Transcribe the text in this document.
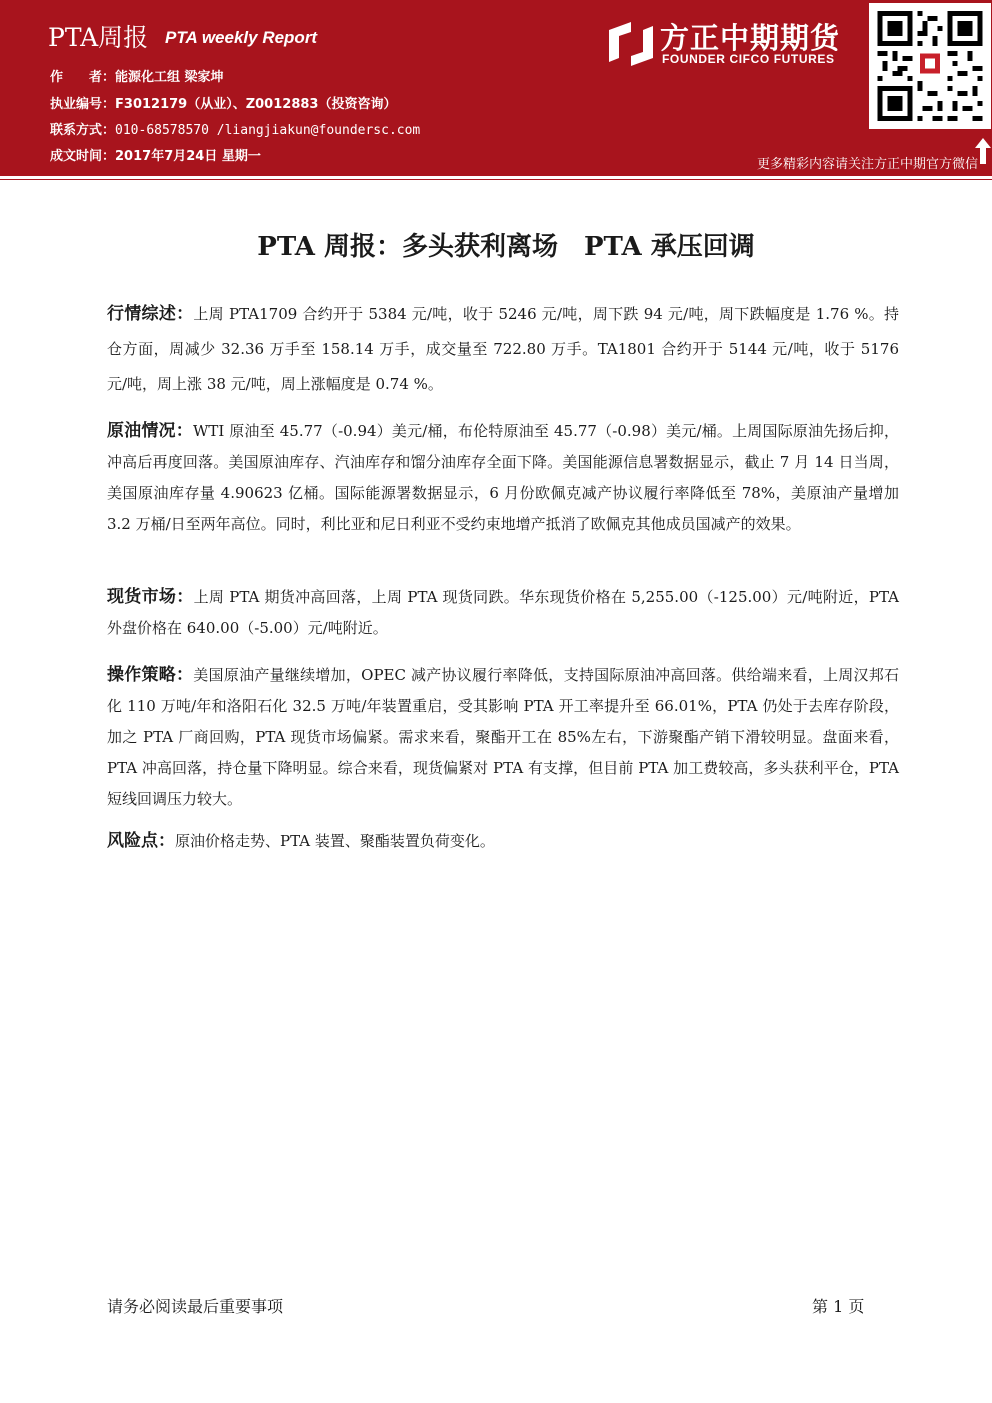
PTA周报 PTA weekly Report
作　　者：能源化工组 梁家坤
执业编号：F3012179（从业）、Z0012883（投资咨询）
联系方式：010-68578570 /liangjiakun@foundersc.com
成文时间：2017年7月24日 星期一
方正中期期货
FOUNDER CIFCO FUTURES
更多精彩内容请关注方正中期官方微信
PTA 周报：多头获利离场　PTA 承压回调
行情综述：上周 PTA1709 合约开于 5384 元/吨，收于 5246 元/吨，周下跌 94 元/吨，周下跌幅度是 1.76 %。持仓方面，周减少 32.36 万手至 158.14 万手，成交量至 722.80 万手。TA1801 合约开于 5144 元/吨，收于 5176 元/吨，周上涨 38 元/吨，周上涨幅度是 0.74 %。
原油情况：WTI 原油至 45.77（-0.94）美元/桶，布伦特原油至 45.77（-0.98）美元/桶。上周国际原油先扬后抑，冲高后再度回落。美国原油库存、汽油库存和馏分油库存全面下降。美国能源信息署数据显示，截止 7 月 14 日当周，美国原油库存量 4.90623 亿桶。国际能源署数据显示，6 月份欧佩克减产协议履行率降低至 78%，美原油产量增加 3.2 万桶/日至两年高位。同时，利比亚和尼日利亚不受约束地增产抵消了欧佩克其他成员国减产的效果。
现货市场：上周 PTA 期货冲高回落，上周 PTA 现货同跌。华东现货价格在 5,255.00（-125.00）元/吨附近，PTA 外盘价格在 640.00（-5.00）元/吨附近。
操作策略：美国原油产量继续增加，OPEC 减产协议履行率降低，支持国际原油冲高回落。供给端来看，上周汉邦石化 110 万吨/年和洛阳石化 32.5 万吨/年装置重启，受其影响 PTA 开工率提升至 66.01%，PTA 仍处于去库存阶段，加之 PTA 厂商回购，PTA 现货市场偏紧。需求来看，聚酯开工在 85%左右，下游聚酯产销下滑较明显。盘面来看，PTA 冲高回落，持仓量下降明显。综合来看，现货偏紧对 PTA 有支撑，但目前 PTA 加工费较高，多头获利平仓，PTA 短线回调压力较大。
风险点：原油价格走势、PTA 装置、聚酯装置负荷变化。
请务必阅读最后重要事项	第 1 页
